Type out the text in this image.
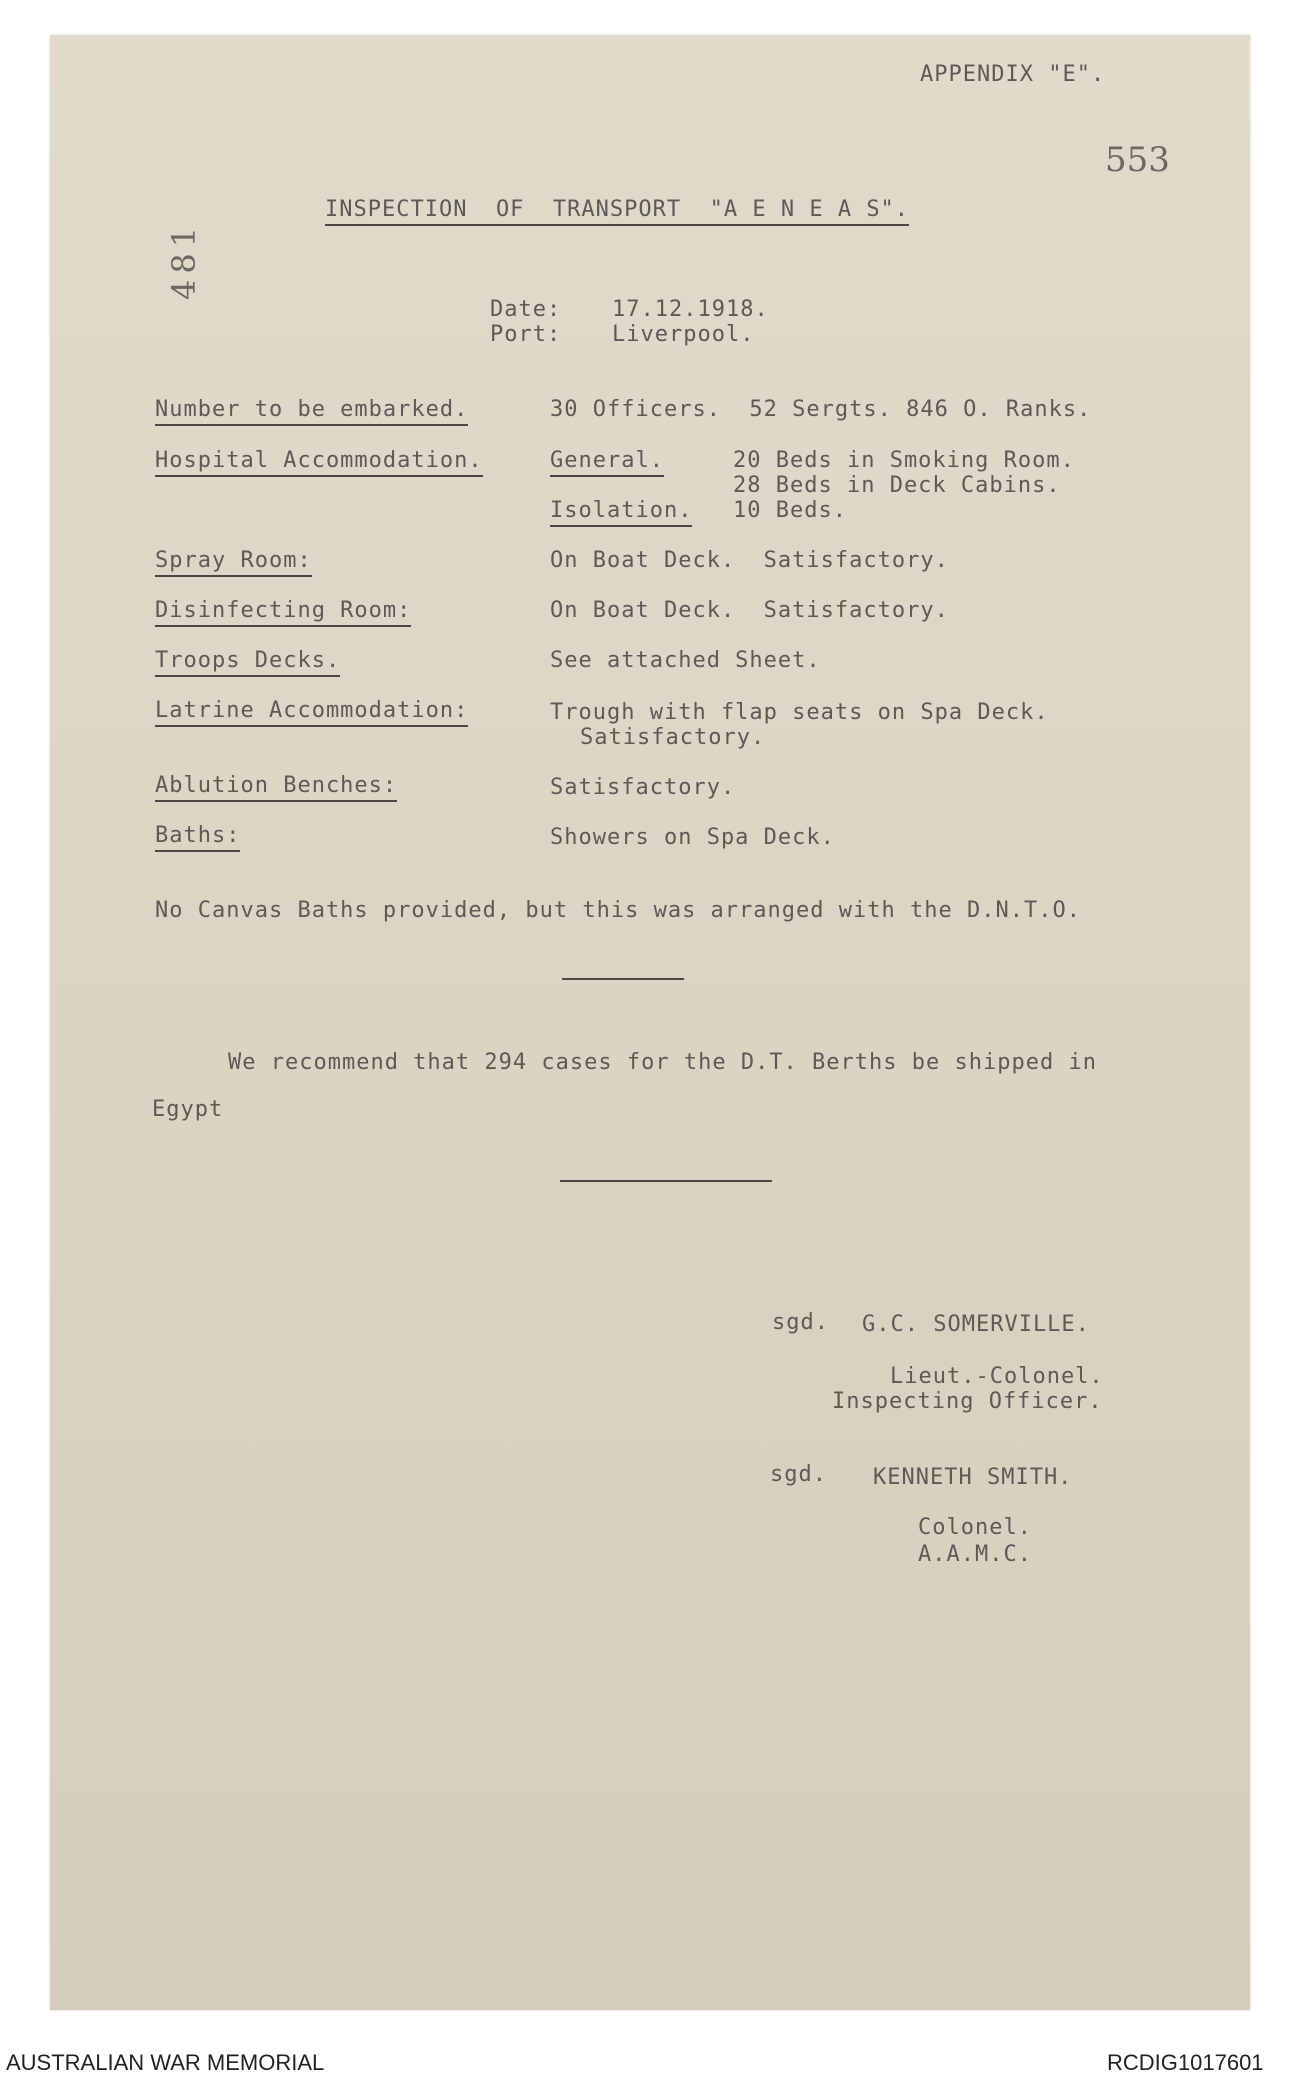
APPENDIX "E".
553
481
INSPECTION  OF  TRANSPORT  "A E N E A S".
Date: 17.12.1918.
Port: Liverpool.
Number to be embarked.	30 Officers.  52 Sergts. 846 O. Ranks.
Hospital Accommodation.	General.	20 Beds in Smoking Room.
28 Beds in Deck Cabins.
Isolation. 10 Beds.
Spray Room:	On Boat Deck.  Satisfactory.
Disinfecting Room:	On Boat Deck.  Satisfactory.
Troops Decks.	See attached Sheet.
Latrine Accommodation:	Trough with flap seats on Spa Deck.
Satisfactory.
Ablution Benches:	Satisfactory.
Baths:	Showers on Spa Deck.
No Canvas Baths provided, but this was arranged with the D.N.T.O.
We recommend that 294 cases for the D.T. Berths be shipped in
Egypt
sgd. G.C. SOMERVILLE.
Lieut.-Colonel.
Inspecting Officer.
sgd. KENNETH SMITH.
Colonel.
A.A.M.C.
AUSTRALIAN WAR MEMORIAL	RCDIG1017601
